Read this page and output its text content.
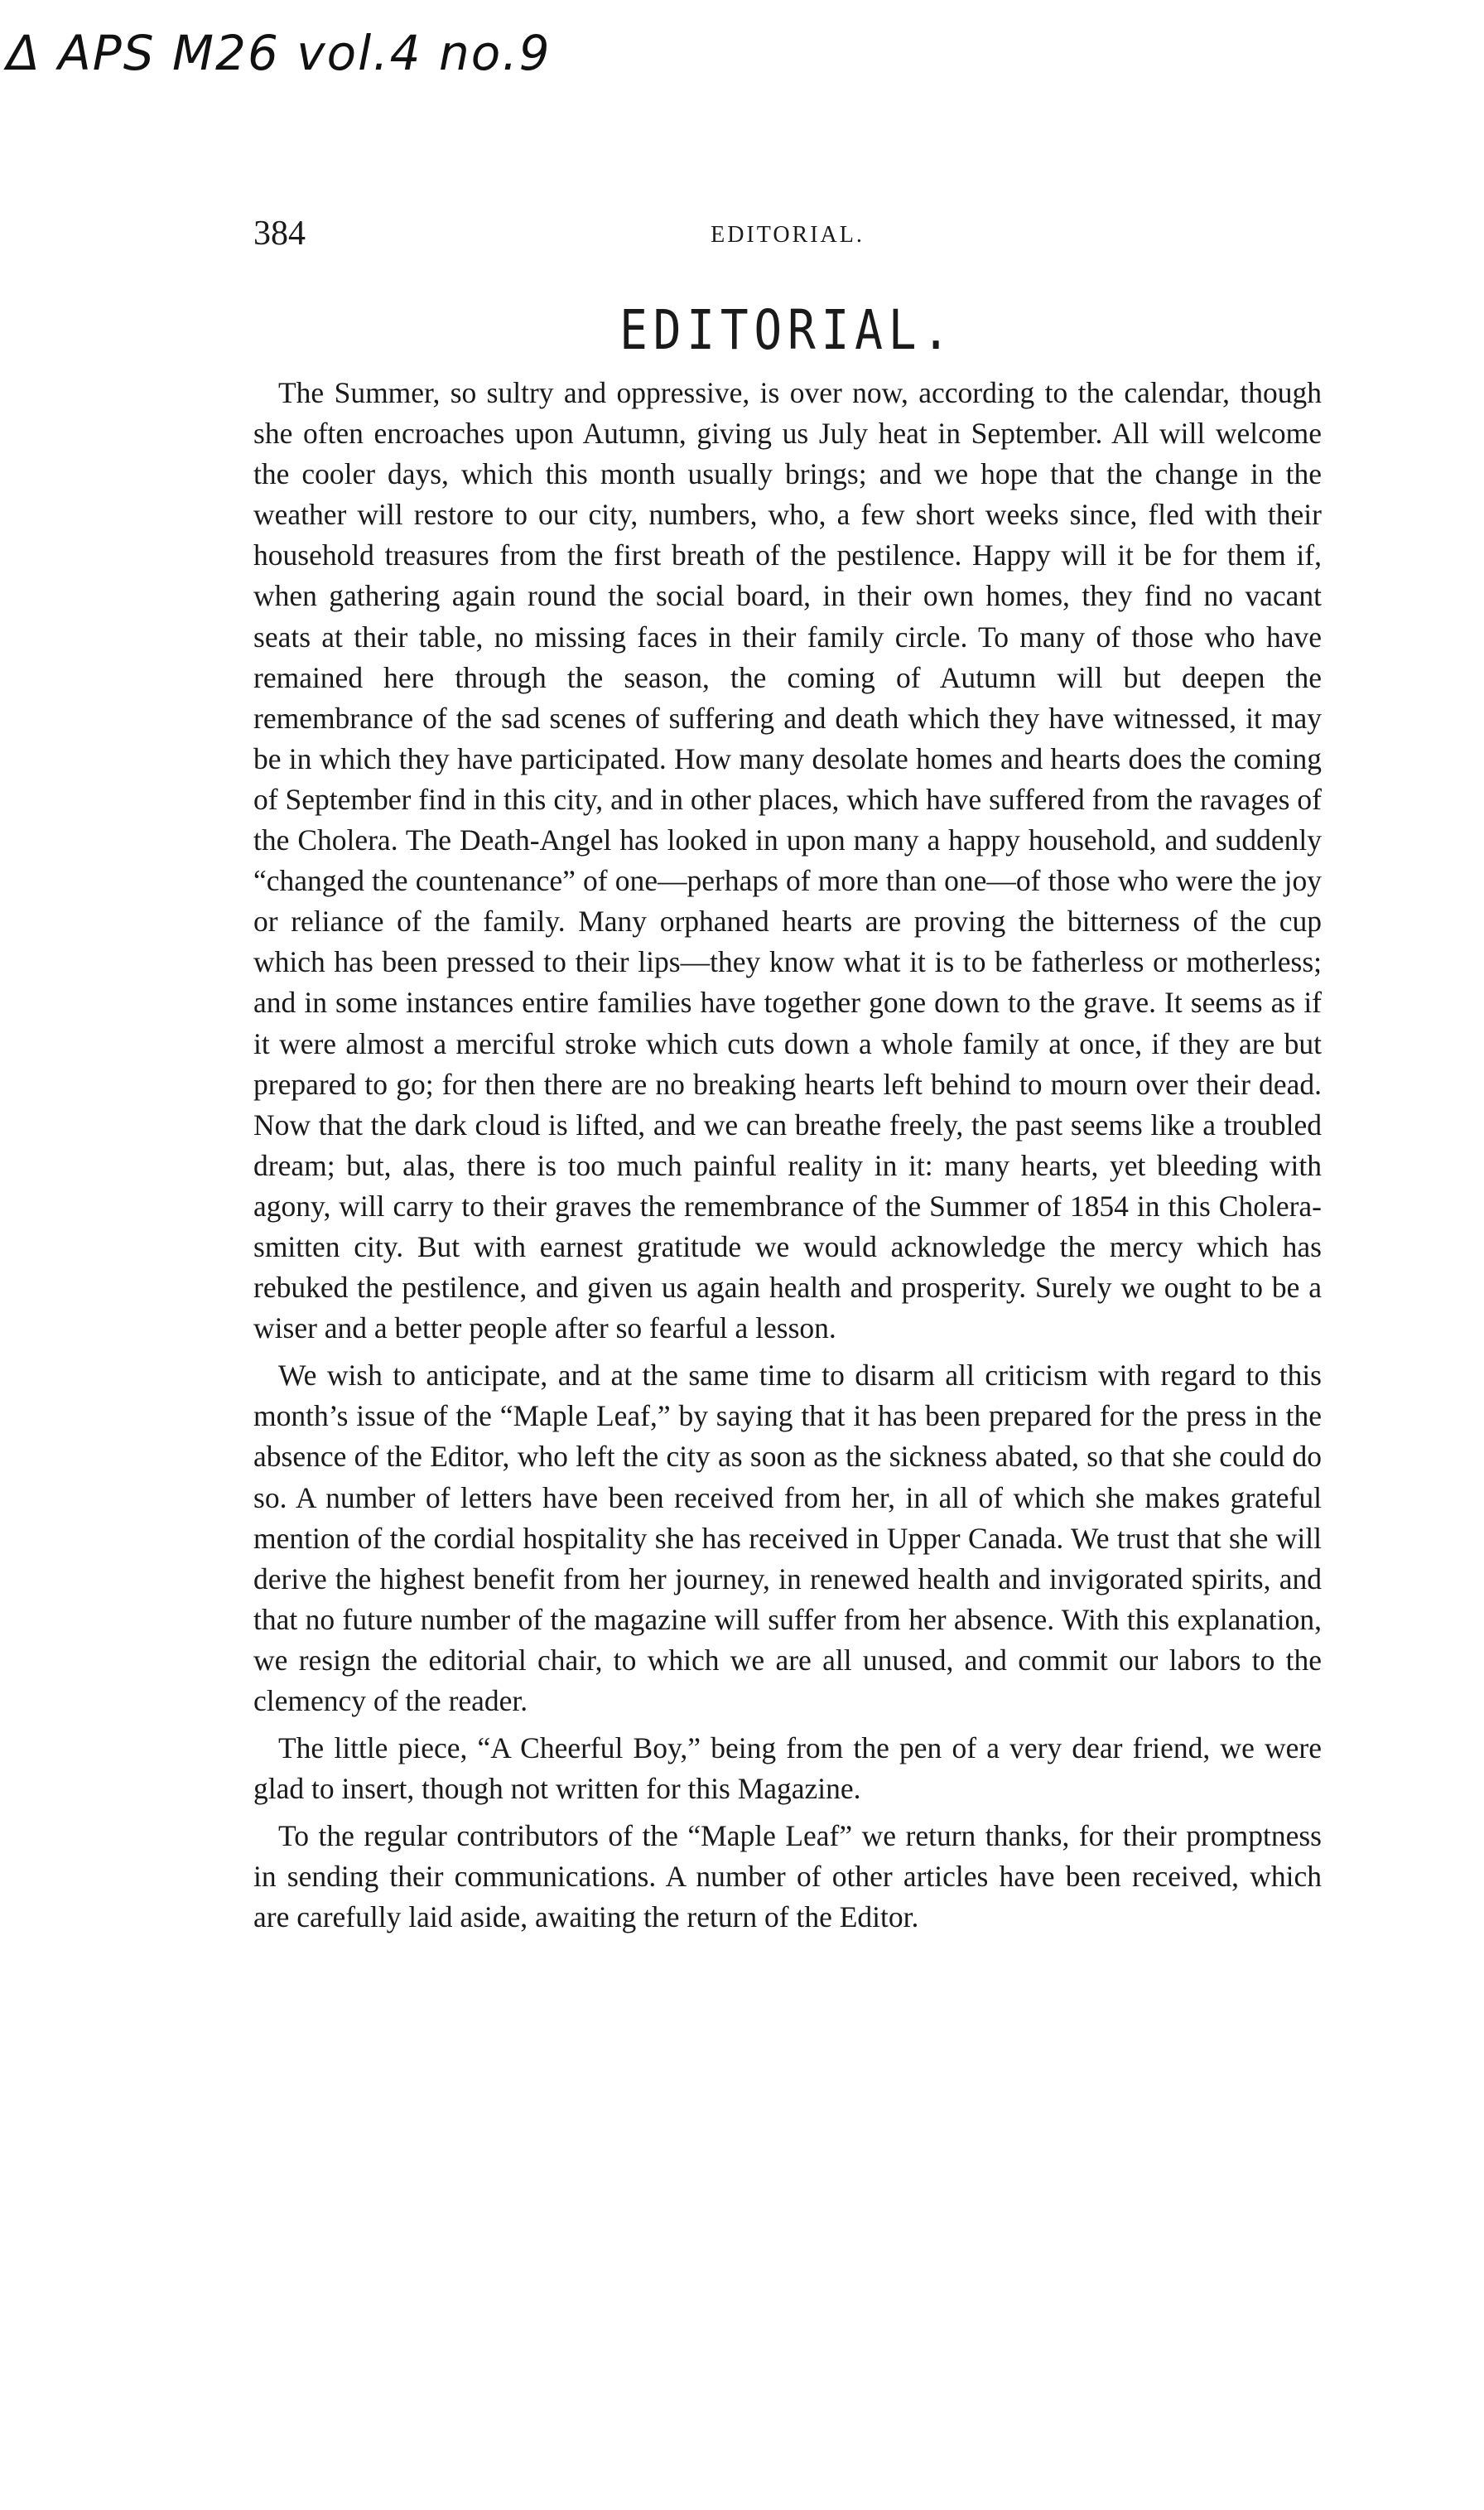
Δ APS M26 vol.4 no.9
384	EDITORIAL.
EDITORIAL.

The Summer, so sultry and oppressive, is over now, according to the calendar, though she often encroaches upon Autumn, giving us July heat in September. All will welcome the cooler days, which this month usually brings; and we hope that the change in the weather will restore to our city, numbers, who, a few short weeks since, fled with their household treasures from the first breath of the pestilence. Happy will it be for them if, when gathering again round the social board, in their own homes, they find no vacant seats at their table, no missing faces in their family circle. To many of those who have remained here through the season, the coming of Autumn will but deepen the remembrance of the sad scenes of suffering and death which they have witnessed, it may be in which they have participated. How many desolate homes and hearts does the coming of September find in this city, and in other places, which have suffered from the ravages of the Cholera. The Death-Angel has looked in upon many a happy household, and suddenly “changed the countenance” of one—perhaps of more than one—of those who were the joy or reliance of the family. Many orphaned hearts are proving the bitterness of the cup which has been pressed to their lips—they know what it is to be fatherless or motherless; and in some instances entire families have together gone down to the grave. It seems as if it were almost a merciful stroke which cuts down a whole family at once, if they are but prepared to go; for then there are no breaking hearts left behind to mourn over their dead. Now that the dark cloud is lifted, and we can breathe freely, the past seems like a troubled dream; but, alas, there is too much painful reality in it: many hearts, yet bleeding with agony, will carry to their graves the remembrance of the Summer of 1854 in this Cholera-smitten city. But with earnest gratitude we would acknowledge the mercy which has rebuked the pestilence, and given us again health and prosperity. Surely we ought to be a wiser and a better people after so fearful a lesson.

We wish to anticipate, and at the same time to disarm all criticism with regard to this month’s issue of the “Maple Leaf,” by saying that it has been prepared for the press in the absence of the Editor, who left the city as soon as the sickness abated, so that she could do so. A number of letters have been received from her, in all of which she makes grateful mention of the cordial hospitality she has received in Upper Canada. We trust that she will derive the highest benefit from her journey, in renewed health and invigorated spirits, and that no future number of the magazine will suffer from her absence. With this explanation, we resign the editorial chair, to which we are all unused, and commit our labors to the clemency of the reader.

The little piece, “A Cheerful Boy,” being from the pen of a very dear friend, we were glad to insert, though not written for this Magazine.

To the regular contributors of the “Maple Leaf” we return thanks, for their promptness in sending their communications. A number of other articles have been received, which are carefully laid aside, awaiting the return of the Editor.
